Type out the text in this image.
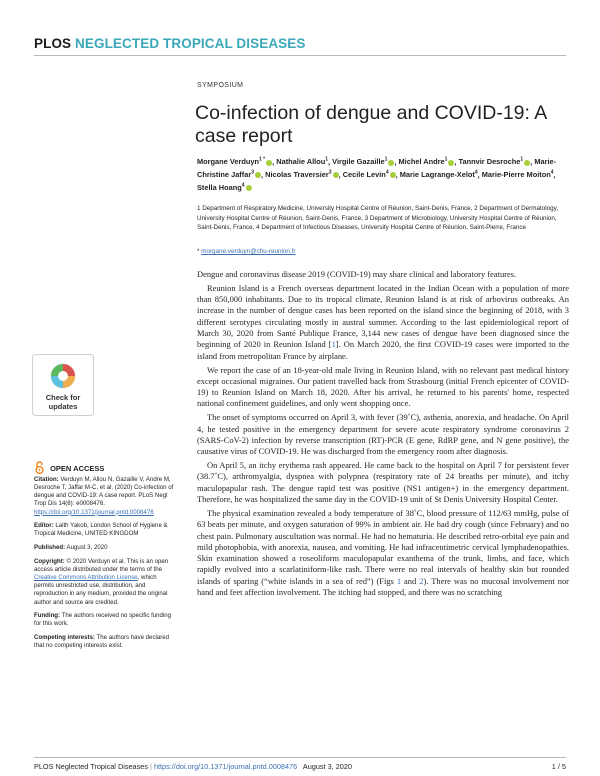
PLOS NEGLECTED TROPICAL DISEASES
SYMPOSIUM
Co-infection of dengue and COVID-19: A case report
Morgane Verduyn$^{1 *}$ , Nathalie Allou$^1$, Virgile Gazaille$^1$ , Michel Andre$^1$ , Tannvir Desroche$^1$ , Marie-Christine Jaffar$^3$ , Nicolas Traversier$^3$ , Cecile Levin$^4$ , Marie Lagrange-Xelot$^4$, Marie-Pierre Moiton$^4$, Stella Hoang$^4$
1 Department of Respiratory Medicine, University Hospital Centre of Réunion, Saint-Denis, France, 2 Department of Dermatology, University Hospital Centre of Réunion, Saint-Denis, France, 3 Department of Microbiology, University Hospital Centre of Réunion, Saint-Denis, France, 4 Department of Infectious Diseases, University Hospital Centre of Réunion, Saint-Pierre, France
* morgane.verduyn@chu-reunion.fr
Check for
updates
OPEN ACCESS

Citation: Verduyn M, Allou N, Gazaille V, Andre M, Desroche T, Jaffar M-C, et al. (2020) Co-infection of dengue and COVID-19: A case report. PLoS Negl Trop Dis 14(8): e0008476. https://doi.org/10.1371/journal.pntd.0008476

Editor: Laith Yakob, London School of Hygiene & Tropical Medicine, UNITED KINGDOM

Published: August 3, 2020

Copyright: © 2020 Verduyn et al. This is an open access article distributed under the terms of the Creative Commons Attribution License, which permits unrestricted use, distribution, and reproduction in any medium, provided the original author and source are credited.

Funding: The authors received no specific funding for this work.

Competing interests: The authors have declared that no competing interests exist.

Dengue and coronavirus disease 2019 (COVID-19) may share clinical and laboratory features.

Reunion Island is a French overseas department located in the Indian Ocean with a population of more than 850,000 inhabitants. Due to its tropical climate, Reunion Island is at risk of arbovirus outbreaks. An increase in the number of dengue cases has been reported on the island since the beginning of 2018, with 3 different serotypes circulating mostly in austral summer. According to the last epidemiological report of March 30, 2020 from Santé Publique France, 3,144 new cases of dengue have been diagnosed since the beginning of 2020 in Reunion Island [1]. On March 2020, the first COVID-19 cases were imported to the island from metropolitan France by airplane.

We report the case of an 18-year-old male living in Reunion Island, with no relevant past medical history except occasional migraines. Our patient travelled back from Strasbourg (initial French epicenter of COVID-19) to Reunion Island on March 18, 2020. After his arrival, he returned to his parents' home, respected national confinement guidelines, and only went shopping once.

The onset of symptoms occurred on April 3, with fever (39˚C), asthenia, anorexia, and headache. On April 4, he tested positive in the emergency department for severe acute respiratory syndrome coronavirus 2 (SARS-CoV-2) infection by reverse transcription (RT)-PCR (E gene, RdRP gene, and N gene positive), the causative virus of COVID-19. He was discharged from the emergency room after diagnosis.

On April 5, an itchy erythema rash appeared. He came back to the hospital on April 7 for persistent fever (38.7˚C), arthromyalgia, dyspnea with polypnea (respiratory rate of 24 breaths per minute), and itchy maculopapular rash. The dengue rapid test was positive (NS1 antigen+) in the emergency department. Therefore, he was hospitalized the same day in the COVID-19 unit of St Denis University Hospital Center.

The physical examination revealed a body temperature of 38˚C, blood pressure of 112/63 mmHg, pulse of 63 beats per minute, and oxygen saturation of 99% in ambient air. He had dry cough (since February) and no chest pain. Pulmonary auscultation was normal. He had no hematuria. He described retro-orbital eye pain and mild photophobia, with anorexia, nausea, and vomiting. He had infracentimetric cervical lymphadenopathies. Skin examination showed a roseoliform maculopapular exanthema of the trunk, limbs, and face, which rapidly evolved into a scarlatiniform-like rash. There were no real intervals of healthy skin but rounded islands of sparing (“white islands in a sea of red”) (Figs 1 and 2). There was no mucosal involvement nor hand and feet affection involvement. The itching had stopped, and there was no scratching

PLOS Neglected Tropical Diseases | https://doi.org/10.1371/journal.pntd.0008476 August 3, 2020	1 / 5
